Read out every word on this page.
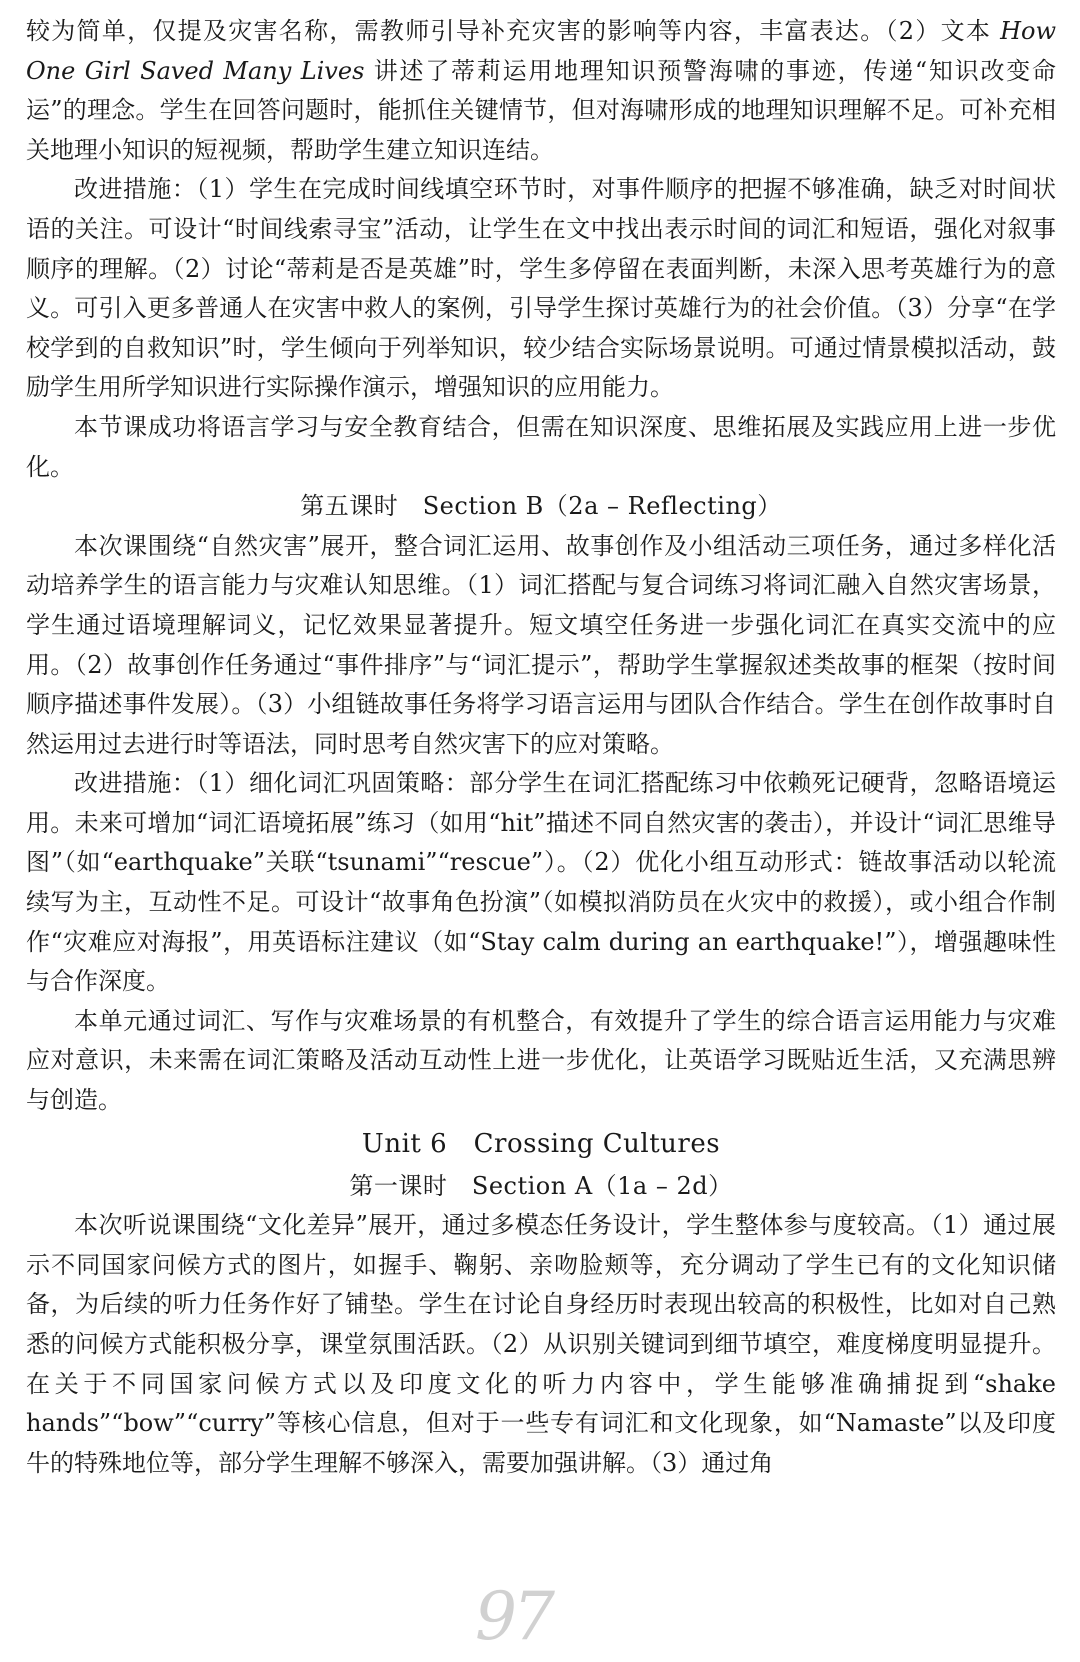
较为简单，仅提及灾害名称，需教师引导补充灾害的影响等内容，丰富表达。（2）文本 How One Girl Saved Many Lives 讲述了蒂莉运用地理知识预警海啸的事迹，传递“知识改变命运”的理念。学生在回答问题时，能抓住关键情节，但对海啸形成的地理知识理解不足。可补充相关地理小知识的短视频，帮助学生建立知识连结。

改进措施：（1）学生在完成时间线填空环节时，对事件顺序的把握不够准确，缺乏对时间状语的关注。可设计“时间线索寻宝”活动，让学生在文中找出表示时间的词汇和短语，强化对叙事顺序的理解。（2）讨论“蒂莉是否是英雄”时，学生多停留在表面判断，未深入思考英雄行为的意义。可引入更多普通人在灾害中救人的案例，引导学生探讨英雄行为的社会价值。（3）分享“在学校学到的自救知识”时，学生倾向于列举知识，较少结合实际场景说明。可通过情景模拟活动，鼓励学生用所学知识进行实际操作演示，增强知识的应用能力。

本节课成功将语言学习与安全教育结合，但需在知识深度、思维拓展及实践应用上进一步优化。

第五课时　Section B（2a – Reflecting）

本次课围绕“自然灾害”展开，整合词汇运用、故事创作及小组活动三项任务，通过多样化活动培养学生的语言能力与灾难认知思维。（1）词汇搭配与复合词练习将词汇融入自然灾害场景，学生通过语境理解词义，记忆效果显著提升。短文填空任务进一步强化词汇在真实交流中的应用。（2）故事创作任务通过“事件排序”与“词汇提示”，帮助学生掌握叙述类故事的框架（按时间顺序描述事件发展）。（3）小组链故事任务将学习语言运用与团队合作结合。学生在创作故事时自然运用过去进行时等语法，同时思考自然灾害下的应对策略。

改进措施：（1）细化词汇巩固策略：部分学生在词汇搭配练习中依赖死记硬背，忽略语境运用。未来可增加“词汇语境拓展”练习（如用“hit”描述不同自然灾害的袭击），并设计“词汇思维导图”（如“earthquake”关联“tsunami”“rescue”）。（2）优化小组互动形式：链故事活动以轮流续写为主，互动性不足。可设计“故事角色扮演”（如模拟消防员在火灾中的救援），或小组合作制作“灾难应对海报”，用英语标注建议（如“Stay calm during an earthquake!”），增强趣味性与合作深度。

本单元通过词汇、写作与灾难场景的有机整合，有效提升了学生的综合语言运用能力与灾难应对意识，未来需在词汇策略及活动互动性上进一步优化，让英语学习既贴近生活，又充满思辨与创造。

Unit 6　Crossing Cultures

第一课时　Section A（1a – 2d）

本次听说课围绕“文化差异”展开，通过多模态任务设计，学生整体参与度较高。（1）通过展示不同国家问候方式的图片，如握手、鞠躬、亲吻脸颊等，充分调动了学生已有的文化知识储备，为后续的听力任务作好了铺垫。学生在讨论自身经历时表现出较高的积极性，比如对自己熟悉的问候方式能积极分享，课堂氛围活跃。（2）从识别关键词到细节填空，难度梯度明显提升。在关于不同国家问候方式以及印度文化的听力内容中，学生能够准确捕捉到“shake hands”“bow”“curry”等核心信息，但对于一些专有词汇和文化现象，如“Namaste”以及印度牛的特殊地位等，部分学生理解不够深入，需要加强讲解。（3）通过角

97
